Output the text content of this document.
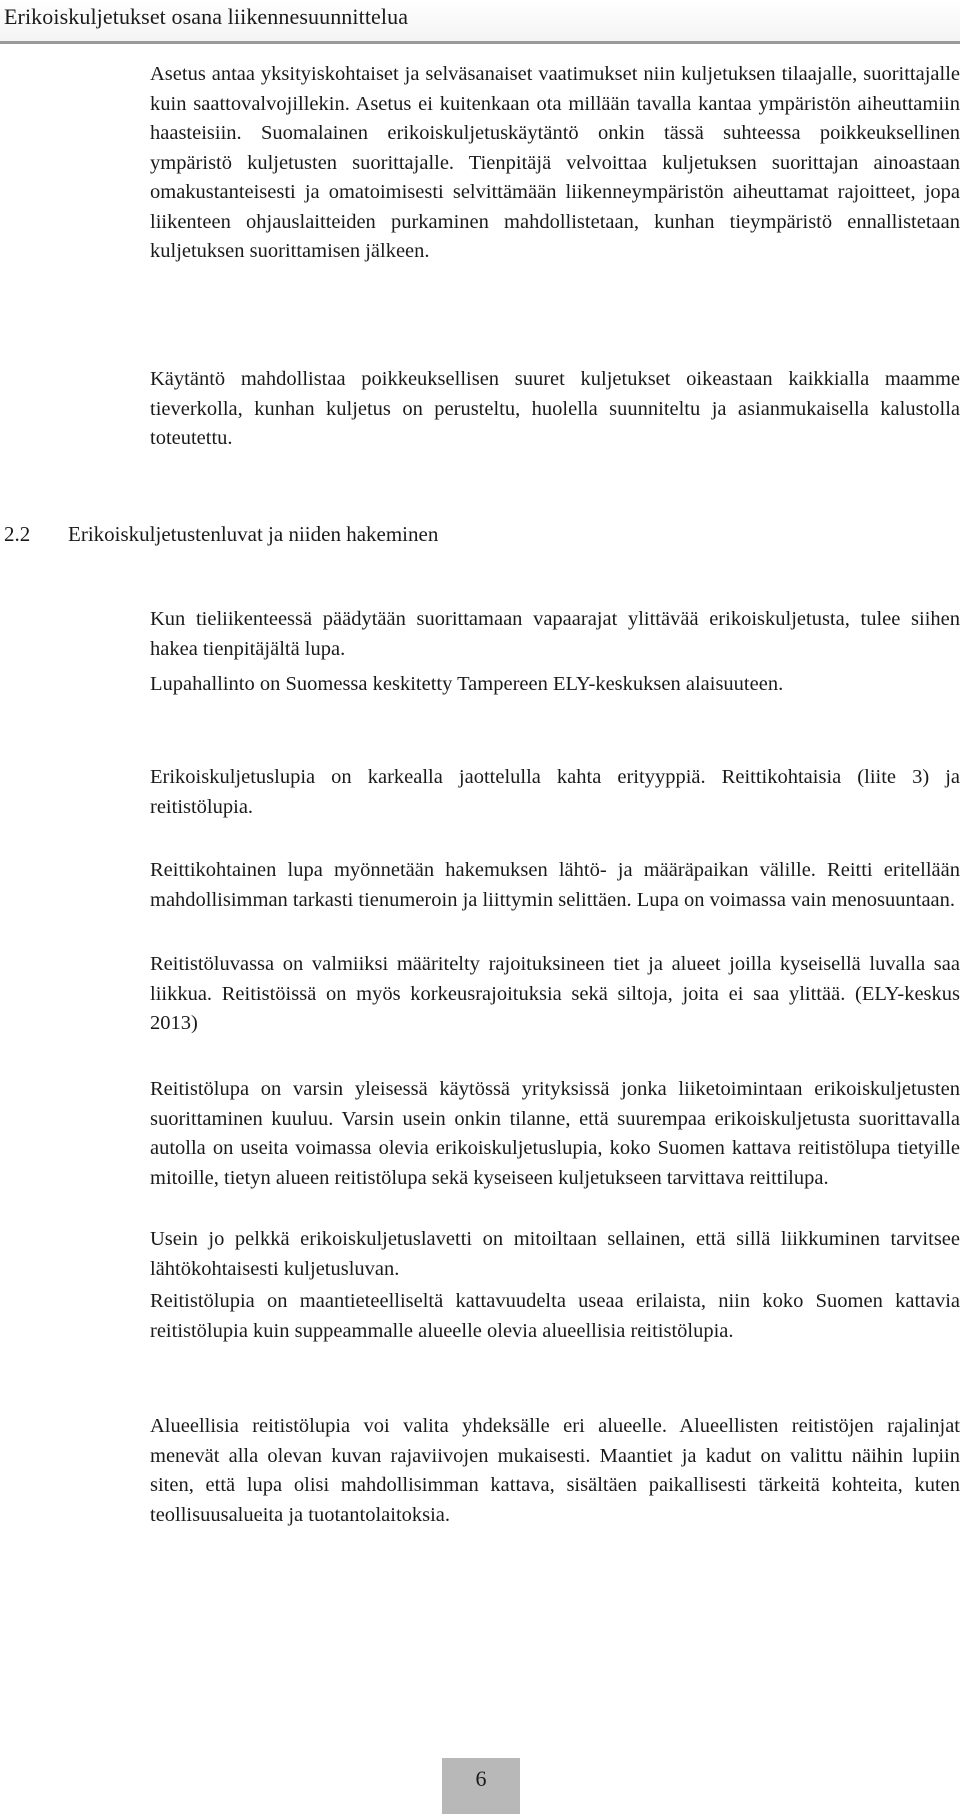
Erikoiskuljetukset osana liikennesuunnittelua

Asetus antaa yksityiskohtaiset ja selväsanaiset vaatimukset niin kuljetuksen tilaajalle, suorittajalle kuin saattovalvojillekin. Asetus ei kuitenkaan ota millään tavalla kantaa ympäristön aiheuttamiin haasteisiin. Suomalainen erikoiskuljetuskäytäntö onkin tässä suhteessa poikkeuksellinen ympäristö kuljetusten suorittajalle. Tienpitäjä velvoittaa kuljetuksen suorittajan ainoastaan omakustanteisesti ja omatoimisesti selvittämään liikenneympäristön aiheuttamat rajoitteet, jopa liikenteen ohjauslaitteiden purkaminen mahdollistetaan, kunhan tieympäristö ennallistetaan kuljetuksen suorittamisen jälkeen.

Käytäntö mahdollistaa poikkeuksellisen suuret kuljetukset oikeastaan kaikkialla maamme tieverkolla, kunhan kuljetus on perusteltu, huolella suunniteltu ja asianmukaisella kalustolla toteutettu.

2.2 Erikoiskuljetustenluvat ja niiden hakeminen

Kun tieliikenteessä päädytään suorittamaan vapaarajat ylittävää erikoiskuljetusta, tulee siihen hakea tienpitäjältä lupa.

Lupahallinto on Suomessa keskitetty Tampereen ELY-keskuksen alaisuuteen.

Erikoiskuljetuslupia on karkealla jaottelulla kahta erityyppiä. Reittikohtaisia (liite 3) ja reitistölupia.

Reittikohtainen lupa myönnetään hakemuksen lähtö- ja määräpaikan välille. Reitti eritellään mahdollisimman tarkasti tienumeroin ja liittymin selittäen. Lupa on voimassa vain menosuuntaan.

Reitistöluvassa on valmiiksi määritelty rajoituksineen tiet ja alueet joilla kyseisellä luvalla saa liikkua. Reitistöissä on myös korkeusrajoituksia sekä siltoja, joita ei saa ylittää. (ELY-keskus 2013)

Reitistölupa on varsin yleisessä käytössä yrityksissä jonka liiketoimintaan erikoiskuljetusten suorittaminen kuuluu. Varsin usein onkin tilanne, että suurempaa erikoiskuljetusta suorittavalla autolla on useita voimassa olevia erikoiskuljetuslupia, koko Suomen kattava reitistölupa tietyille mitoille, tietyn alueen reitistölupa sekä kyseiseen kuljetukseen tarvittava reittilupa.

Usein jo pelkkä erikoiskuljetuslavetti on mitoiltaan sellainen, että sillä liikkuminen tarvitsee lähtökohtaisesti kuljetusluvan.

Reitistölupia on maantieteelliseltä kattavuudelta useaa erilaista, niin koko Suomen kattavia reitistölupia kuin suppeammalle alueelle olevia alueellisia reitistölupia.

Alueellisia reitistölupia voi valita yhdeksälle eri alueelle. Alueellisten reitistöjen rajalinjat menevät alla olevan kuvan rajaviivojen mukaisesti. Maantiet ja kadut on valittu näihin lupiin siten, että lupa olisi mahdollisimman kattava, sisältäen paikallisesti tärkeitä kohteita, kuten teollisuusalueita ja tuotantolaitoksia.

6
